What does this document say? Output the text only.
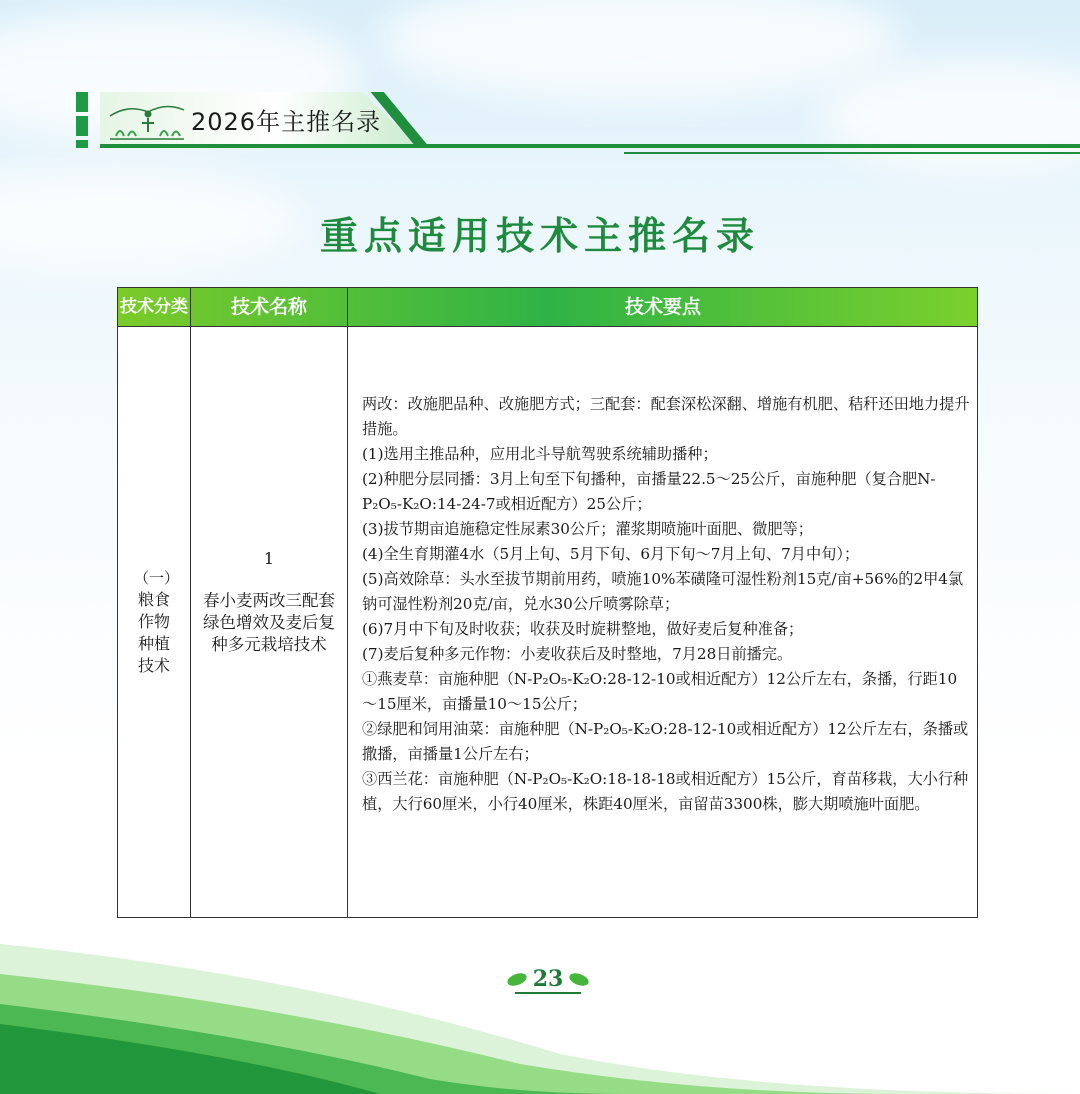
2026年主推名录
重点适用技术主推名录
技术分类	技术名称	技术要点
（一）
粮食作物种植技术
1
春小麦两改三配套绿色增效及麦后复种多元栽培技术

两改：改施肥品种、改施肥方式；三配套：配套深松深翻、增施有机肥、秸秆还田地力提升措施。

(1)选用主推品种，应用北斗导航驾驶系统辅助播种；

(2)种肥分层同播：3月上旬至下旬播种，亩播量22.5～25公斤，亩施种肥（复合肥N-P₂O₅-K₂O:14-24-7或相近配方）25公斤；

(3)拔节期亩追施稳定性尿素30公斤；灌浆期喷施叶面肥、微肥等；

(4)全生育期灌4水（5月上旬、5月下旬、6月下旬～7月上旬、7月中旬）；

(5)高效除草：头水至拔节期前用药，喷施10%苯磺隆可湿性粉剂15克/亩+56%的2甲4氯钠可湿性粉剂20克/亩，兑水30公斤喷雾除草；

(6)7月中下旬及时收获；收获及时旋耕整地，做好麦后复种准备；

(7)麦后复种多元作物：小麦收获后及时整地，7月28日前播完。

①燕麦草：亩施种肥（N-P₂O₅-K₂O:28-12-10或相近配方）12公斤左右，条播，行距10～15厘米，亩播量10～15公斤；

②绿肥和饲用油菜：亩施种肥（N-P₂O₅-K₂O:28-12-10或相近配方）12公斤左右，条播或撒播，亩播量1公斤左右；

③西兰花：亩施种肥（N-P₂O₅-K₂O:18-18-18或相近配方）15公斤，育苗移栽，大小行种植，大行60厘米，小行40厘米，株距40厘米，亩留苗3300株，膨大期喷施叶面肥。

23
